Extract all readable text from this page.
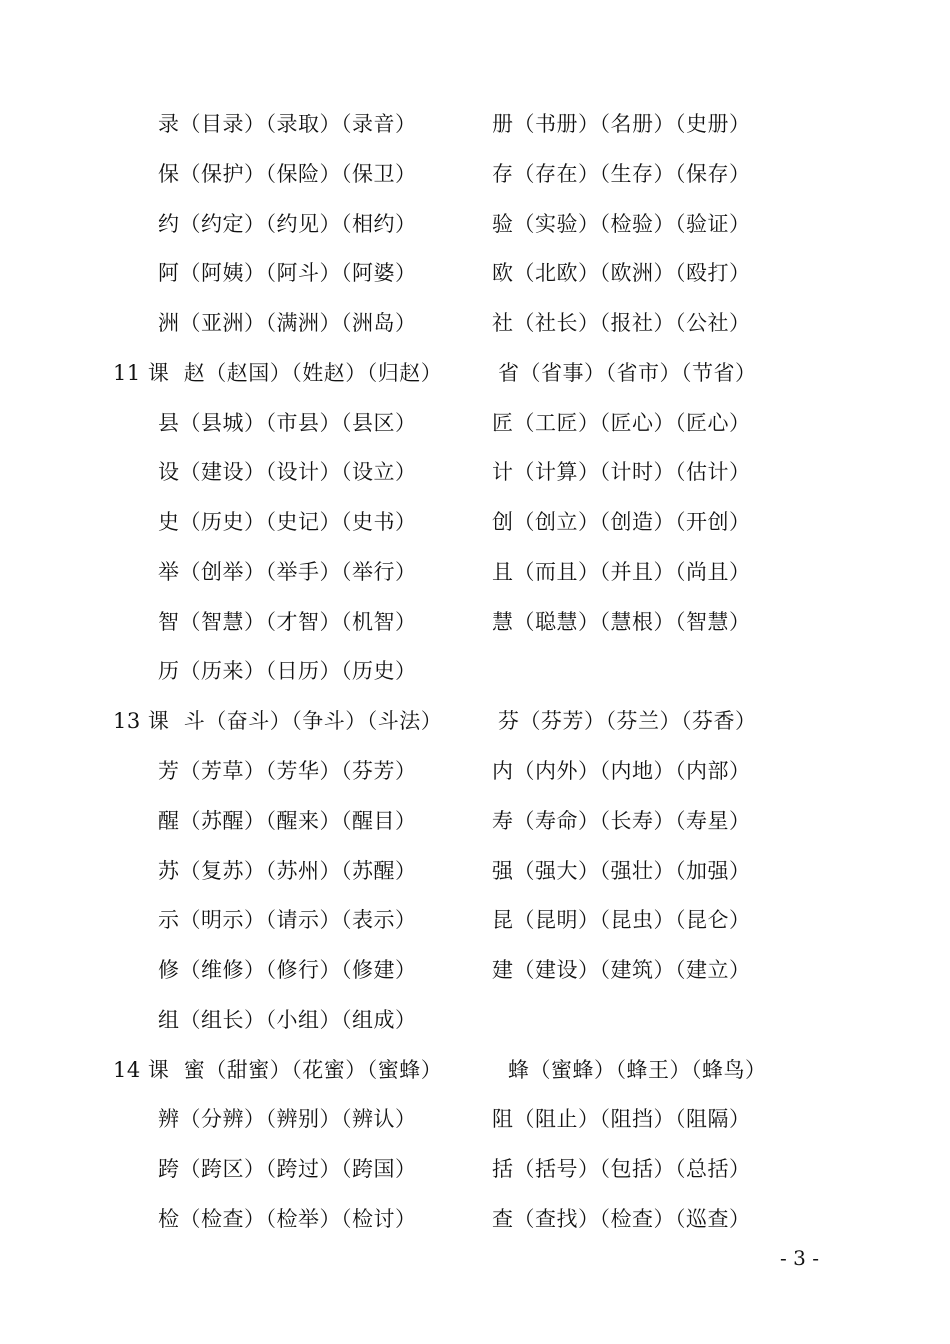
录（目录）（录取）（录音）	册（书册）（名册）（史册）
保（保护）（保险）（保卫）	存（存在）（生存）（保存）
约（约定）（约见）（相约）	验（实验）（检验）（验证）
阿（阿姨）（阿斗）（阿婆）	欧（北欧）（欧洲）（殴打）
洲（亚洲）（满洲）（洲岛）	社（社长）（报社）（公社）
11 课  赵（赵国）（姓赵）（归赵）	省（省事）（省市）（节省）
县（县城）（市县）（县区）	匠（工匠）（匠心）（匠心）
设（建设）（设计）（设立）	计（计算）（计时）（估计）
史（历史）（史记）（史书）	创（创立）（创造）（开创）
举（创举）（举手）（举行）	且（而且）（并且）（尚且）
智（智慧）（才智）（机智）	慧（聪慧）（慧根）（智慧）
历（历来）（日历）（历史）
13 课  斗（奋斗）（争斗）（斗法）	芬（芬芳）（芬兰）（芬香）
芳（芳草）（芳华）（芬芳）	内（内外）（内地）（内部）
醒（苏醒）（醒来）（醒目）	寿（寿命）（长寿）（寿星）
苏（复苏）（苏州）（苏醒）	强（强大）（强壮）（加强）
示（明示）（请示）（表示）	昆（昆明）（昆虫）（昆仑）
修（维修）（修行）（修建）	建（建设）（建筑）（建立）
组（组长）（小组）（组成）
14 课  蜜（甜蜜）（花蜜）（蜜蜂）	蜂（蜜蜂）（蜂王）（蜂鸟）
辨（分辨）（辨别）（辨认）	阻（阻止）（阻挡）（阻隔）
跨（跨区）（跨过）（跨国）	括（括号）（包括）（总括）
检（检查）（检举）（检讨）	查（查找）（检查）（巡查）
- 3 -
